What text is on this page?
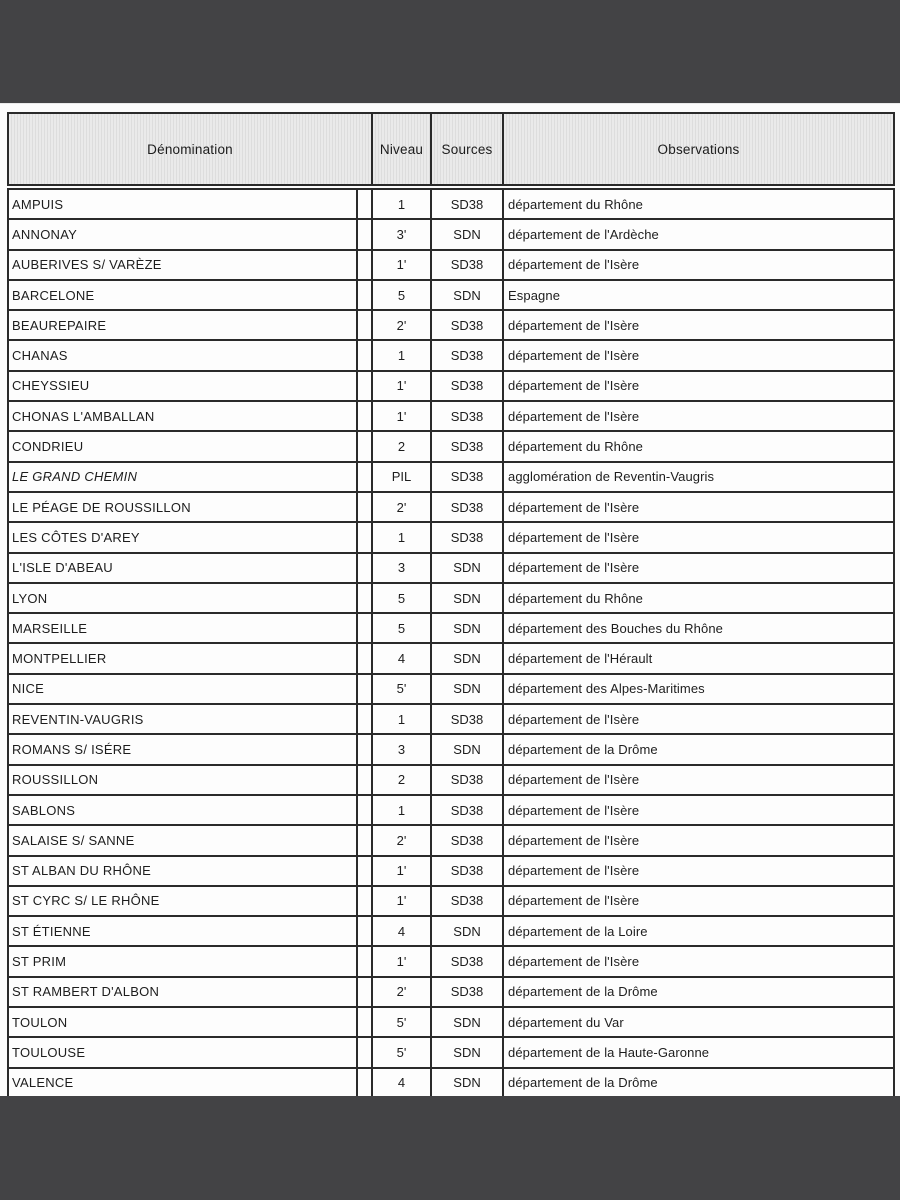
Dénomination		Niveau	Sources	Observations
AMPUIS		1	SD38	département du Rhône
ANNONAY		3'	SDN	département de l'Ardèche
AUBERIVES S/ VARÈZE		1'	SD38	département de l'Isère
BARCELONE		5	SDN	Espagne
BEAUREPAIRE		2'	SD38	département de l'Isère
CHANAS		1	SD38	département de l'Isère
CHEYSSIEU		1'	SD38	département de l'Isère
CHONAS L'AMBALLAN		1'	SD38	département de l'Isère
CONDRIEU		2	SD38	département du Rhône
LE GRAND CHEMIN		PIL	SD38	agglomération de Reventin-Vaugris
LE PÉAGE DE ROUSSILLON		2'	SD38	département de l'Isère
LES CÔTES D'AREY		1	SD38	département de l'Isère
L'ISLE D'ABEAU		3	SDN	département de l'Isère
LYON		5	SDN	département du Rhône
MARSEILLE		5	SDN	département des Bouches du Rhône
MONTPELLIER		4	SDN	département de l'Hérault
NICE		5'	SDN	département des Alpes-Maritimes
REVENTIN-VAUGRIS		1	SD38	département de l'Isère
ROMANS S/ ISÉRE		3	SDN	département de la Drôme
ROUSSILLON		2	SD38	département de l'Isère
SABLONS		1	SD38	département de l'Isère
SALAISE S/ SANNE		2'	SD38	département de l'Isère
ST ALBAN DU RHÔNE		1'	SD38	département de l'Isère
ST CYRC S/ LE RHÔNE		1'	SD38	département de l'Isère
ST ÉTIENNE		4	SDN	département de la Loire
ST PRIM		1'	SD38	département de l'Isère
ST RAMBERT D'ALBON		2'	SD38	département de la Drôme
TOULON		5'	SDN	département du Var
TOULOUSE		5'	SDN	département de la Haute-Garonne
VALENCE		4	SDN	département de la Drôme
